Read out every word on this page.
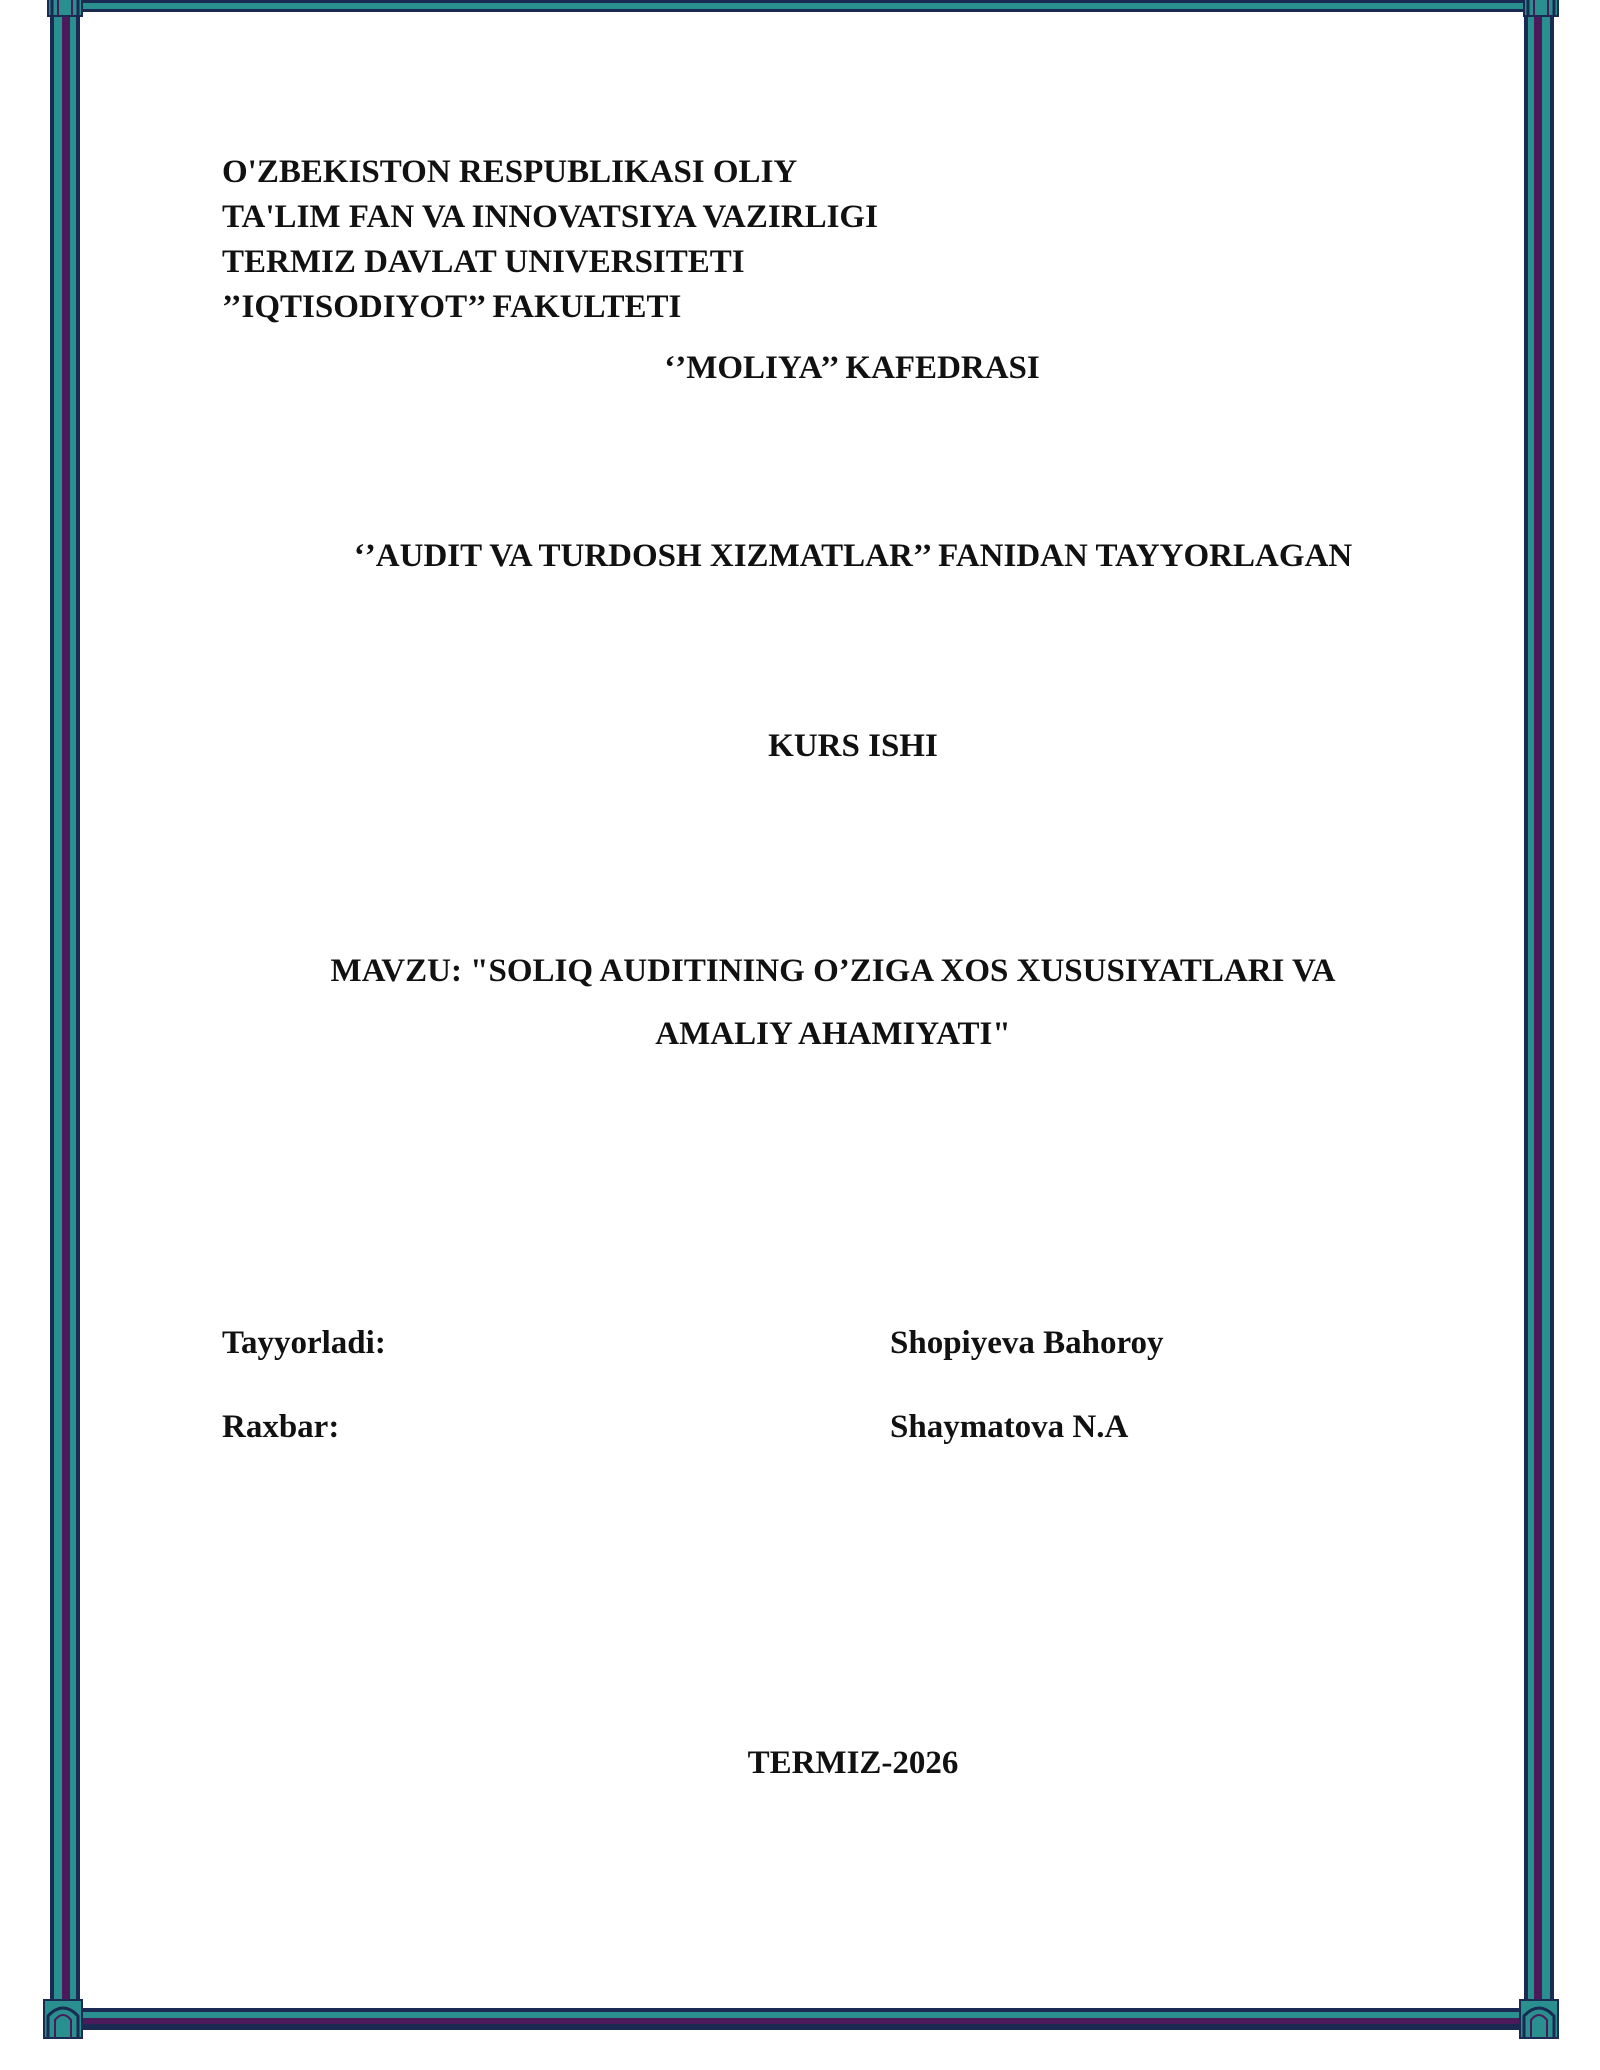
O'ZBEKISTON RESPUBLIKASI OLIY
TA'LIM FAN VA INNOVATSIYA VAZIRLIGI
TERMIZ DAVLAT UNIVERSITETI
’’IQTISODIYOT’’ FAKULTETI
‘’MOLIYA’’ KAFEDRASI
‘’AUDIT VA TURDOSH XIZMATLAR’’ FANIDAN TAYYORLAGAN
KURS ISHI
MAVZU: "SOLIQ AUDITINING O’ZIGA XOS XUSUSIYATLARI VA
AMALIY AHAMIYATI"
Tayyorladi:	Shopiyeva Bahoroy
Raxbar:	Shaymatova N.A
TERMIZ-2026
